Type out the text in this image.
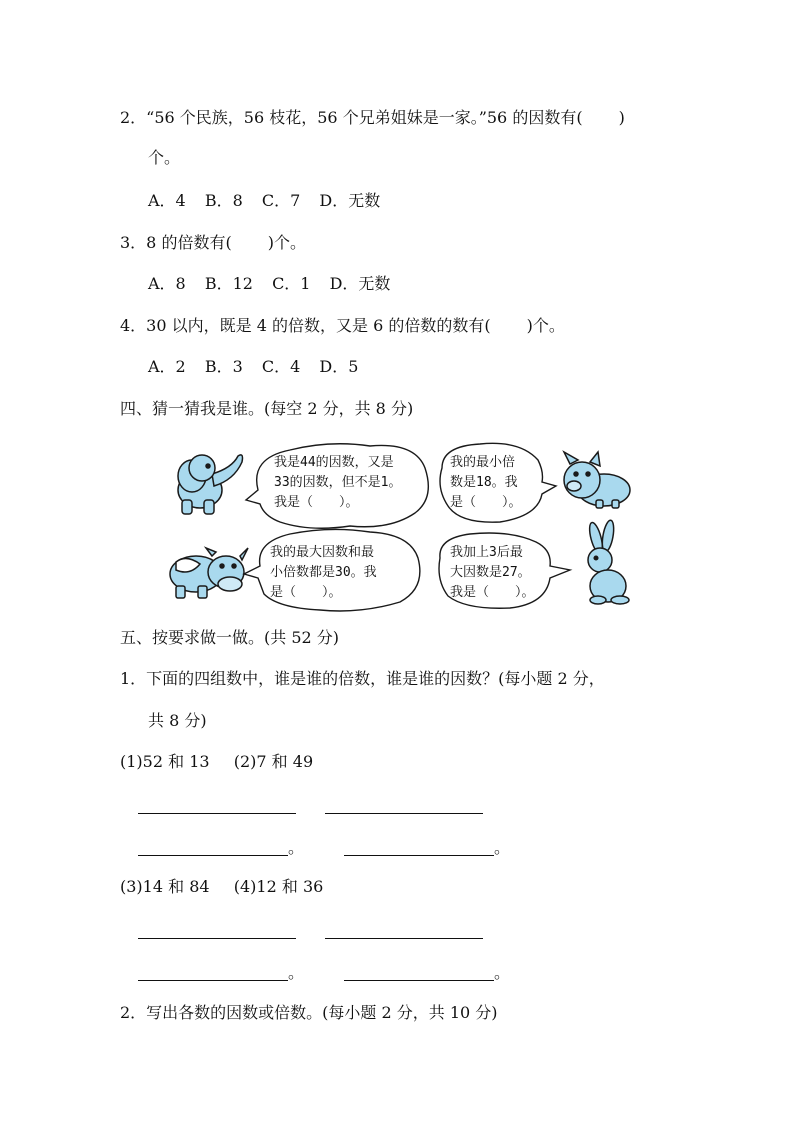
2．“56 个民族，56 枝花，56 个兄弟姐妹是一家。”56 的因数有( )
个。
A．4 B．8 C．7 D．无数
3．8 的倍数有( )个。
A．8 B．12 C．1 D．无数
4．30 以内，既是 4 的倍数，又是 6 的倍数的数有( )个。
A．2 B．3 C．4 D．5
四、猜一猜我是谁。(每空 2 分，共 8 分)
我是44的因数，又是
33的因数，但不是1。
我是（　　）。
我的最小倍
数是18。我
是（　　）。
我的最大因数和最
小倍数都是30。我
是（　　）。
我加上3后最
大因数是27。
我是（　　）。
五、按要求做一做。(共 52 分)
1．下面的四组数中，谁是谁的倍数，谁是谁的因数？(每小题 2 分，
共 8 分)
(1)52 和 13 (2)7 和 49
。	。
(3)14 和 84 (4)12 和 36
。	。
2．写出各数的因数或倍数。(每小题 2 分，共 10 分)
